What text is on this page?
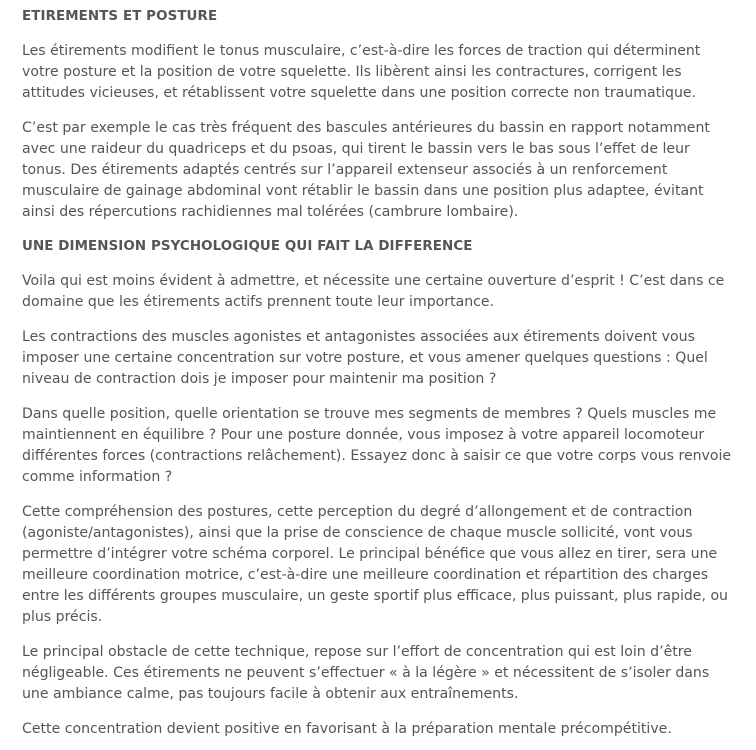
ETIREMENTS ET POSTURE

Les étirements modifient le tonus musculaire, c’est-à-dire les forces de traction qui déterminent votre posture et la position de votre squelette. Ils libèrent ainsi les contractures, corrigent les attitudes vicieuses, et rétablissent votre squelette dans une position correcte non traumatique.

C’est par exemple le cas très fréquent des bascules antérieures du bassin en rapport notamment avec une raideur du quadriceps et du psoas, qui tirent le bassin vers le bas sous l’effet de leur tonus. Des étirements adaptés centrés sur l’appareil extenseur associés à un renforcement musculaire de gainage abdominal vont rétablir le bassin dans une position plus adaptee, évitant ainsi des répercutions rachidiennes mal tolérées (cambrure lombaire).

UNE DIMENSION PSYCHOLOGIQUE QUI FAIT LA DIFFERENCE

Voila qui est moins évident à admettre, et nécessite une certaine ouverture d’esprit ! C’est dans ce domaine que les étirements actifs prennent toute leur importance.

Les contractions des muscles agonistes et antagonistes associées aux étirements doivent vous imposer une certaine concentration sur votre posture, et vous amener quelques questions : Quel niveau de contraction dois je imposer pour maintenir ma position ?

Dans quelle position, quelle orientation se trouve mes segments de membres ? Quels muscles me maintiennent en équilibre ? Pour une posture donnée, vous imposez à votre appareil locomoteur différentes forces (contractions relâchement). Essayez donc à saisir ce que votre corps vous renvoie comme information ?

Cette compréhension des postures, cette perception du degré d’allongement et de contraction (agoniste/antagonistes), ainsi que la prise de conscience de chaque muscle sollicité, vont vous permettre d’intégrer votre schéma corporel. Le principal bénéfice que vous allez en tirer, sera une meilleure coordination motrice, c’est-à-dire une meilleure coordination et répartition des charges entre les différents groupes musculaire, un geste sportif plus efficace, plus puissant, plus rapide, ou plus précis.

Le principal obstacle de cette technique, repose sur l’effort de concentration qui est loin d’être négligeable. Ces étirements ne peuvent s’effectuer « à la légère » et nécessitent de s’isoler dans une ambiance calme, pas toujours facile à obtenir aux entraînements.

Cette concentration devient positive en favorisant à la préparation mentale précompétitive.
